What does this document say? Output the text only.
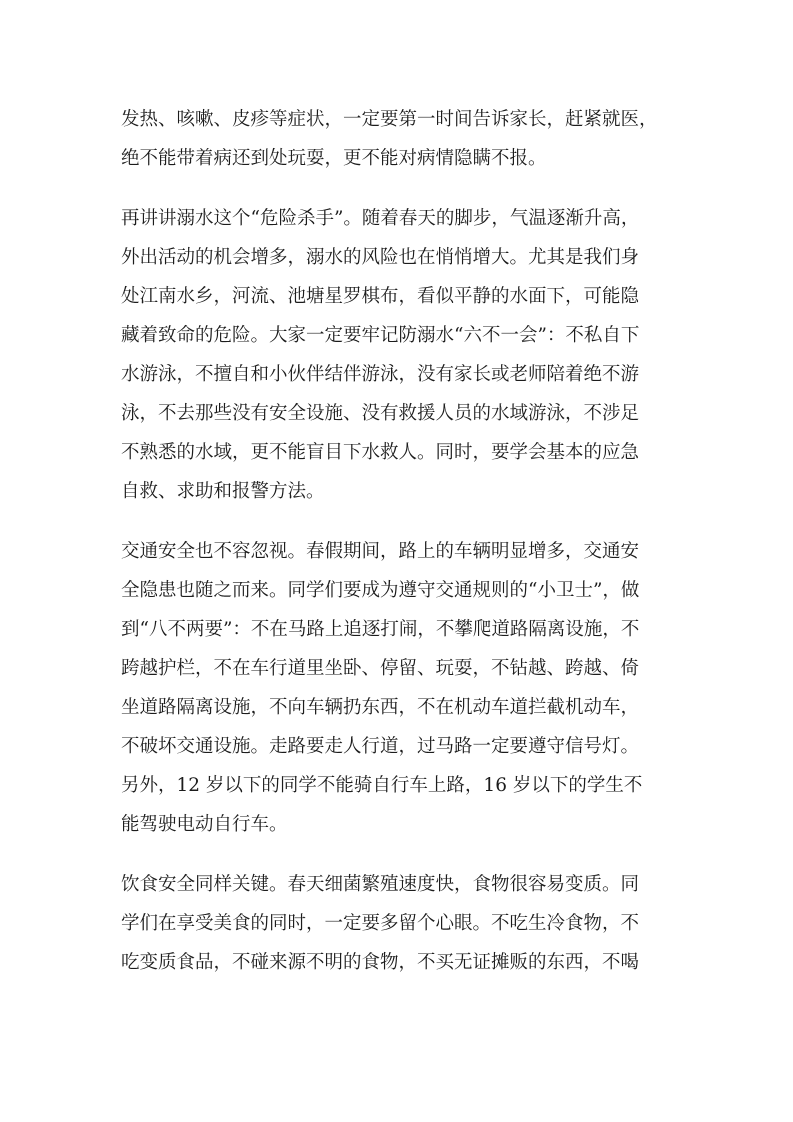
发热、咳嗽、皮疹等症状，一定要第一时间告诉家长，赶紧就医，
绝不能带着病还到处玩耍，更不能对病情隐瞒不报。

再讲讲溺水这个“危险杀手”。随着春天的脚步，气温逐渐升高，
外出活动的机会增多，溺水的风险也在悄悄增大。尤其是我们身
处江南水乡，河流、池塘星罗棋布，看似平静的水面下，可能隐
藏着致命的危险。大家一定要牢记防溺水“六不一会”：不私自下
水游泳，不擅自和小伙伴结伴游泳，没有家长或老师陪着绝不游
泳，不去那些没有安全设施、没有救援人员的水域游泳，不涉足
不熟悉的水域，更不能盲目下水救人。同时，要学会基本的应急
自救、求助和报警方法。

交通安全也不容忽视。春假期间，路上的车辆明显增多，交通安
全隐患也随之而来。同学们要成为遵守交通规则的“小卫士”，做
到“八不两要”：不在马路上追逐打闹，不攀爬道路隔离设施，不
跨越护栏，不在车行道里坐卧、停留、玩耍，不钻越、跨越、倚
坐道路隔离设施，不向车辆扔东西，不在机动车道拦截机动车，
不破坏交通设施。走路要走人行道，过马路一定要遵守信号灯。
另外，12 岁以下的同学不能骑自行车上路，16 岁以下的学生不
能驾驶电动自行车。

饮食安全同样关键。春天细菌繁殖速度快，食物很容易变质。同
学们在享受美食的同时，一定要多留个心眼。不吃生冷食物，不
吃变质食品，不碰来源不明的食物，不买无证摊贩的东西，不喝
